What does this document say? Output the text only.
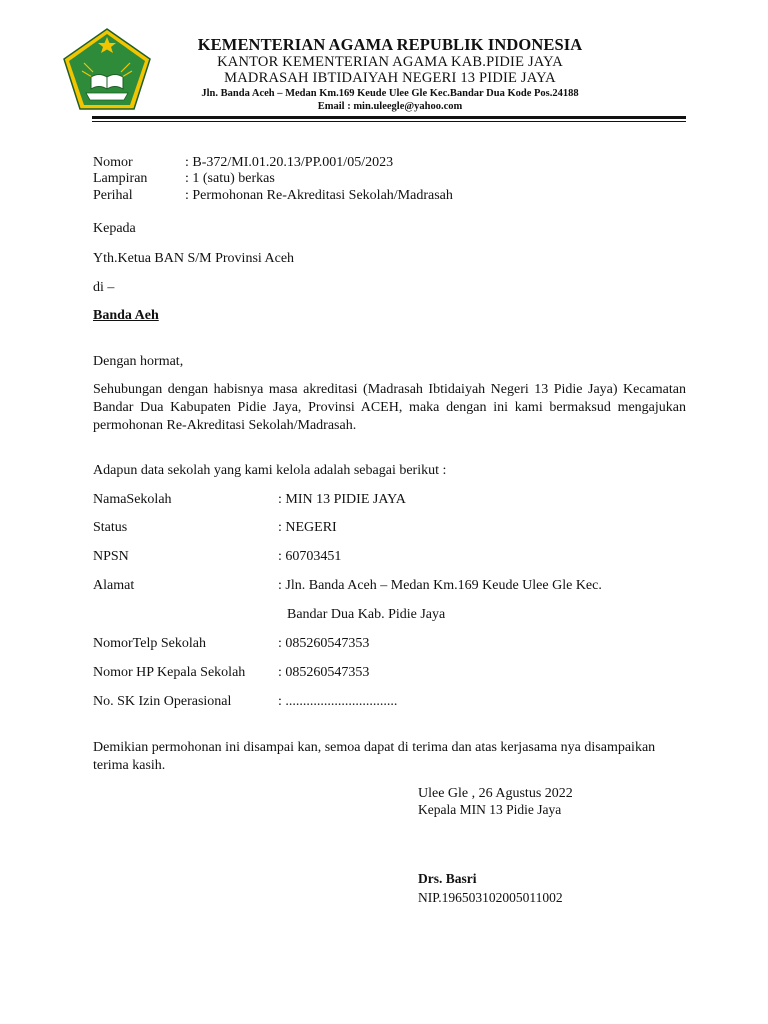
KEMENTERIAN AGAMA REPUBLIK INDONESIA
KANTOR KEMENTERIAN AGAMA KAB.PIDIE JAYA
MADRASAH IBTIDAIYAH NEGERI 13 PIDIE JAYA
Jln. Banda Aceh – Medan Km.169 Keude Ulee Gle Kec.Bandar Dua Kode Pos.24188
Email : min.uleegle@yahoo.com
Nomor	: B-372/MI.01.20.13/PP.001/05/2023
Lampiran	: 1 (satu) berkas
Perihal	: Permohonan Re-Akreditasi Sekolah/Madrasah
Kepada
Yth.Ketua BAN S/M Provinsi Aceh
di –
Banda Aeh
Dengan hormat,
Sehubungan dengan habisnya masa akreditasi (Madrasah Ibtidaiyah Negeri 13 Pidie Jaya) Kecamatan Bandar Dua Kabupaten Pidie Jaya, Provinsi ACEH, maka dengan ini kami bermaksud mengajukan permohonan Re-Akreditasi Sekolah/Madrasah.
Adapun data sekolah yang kami kelola adalah sebagai berikut :
NamaSekolah	: MIN 13 PIDIE JAYA
Status	: NEGERI
NPSN	: 60703451
Alamat	: Jln. Banda Aceh – Medan Km.169 Keude Ulee Gle Kec.
Bandar Dua Kab. Pidie Jaya
NomorTelp Sekolah	: 085260547353
Nomor HP Kepala Sekolah : 085260547353
No. SK Izin Operasional	: ................................
Demikian permohonan ini disampai kan, semoa dapat di terima dan atas kerjasama nya disampaikan terima kasih.
Ulee Gle , 26 Agustus 2022
Kepala MIN 13 Pidie Jaya
Drs. Basri
NIP.196503102005011002
